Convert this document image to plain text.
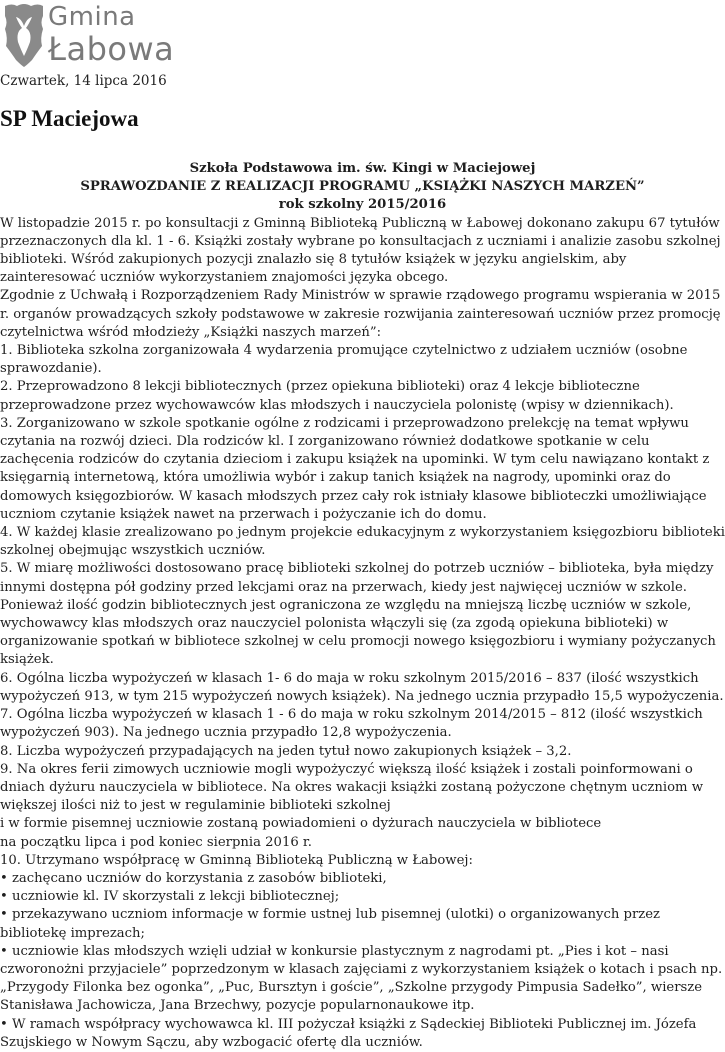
Gmina
Łabowa
Czwartek, 14 lipca 2016
SP Maciejowa
Szkoła Podstawowa im. św. Kingi w Maciejowej
SPRAWOZDANIE Z REALIZACJI PROGRAMU „KSIĄŻKI NASZYCH MARZEŃ”
rok szkolny 2015/2016

W listopadzie 2015 r. po konsultacji z Gminną Biblioteką Publiczną w Łabowej dokonano zakupu 67 tytułów przeznaczonych dla kl. 1 - 6. Książki zostały wybrane po konsultacjach z uczniami i analizie zasobu szkolnej biblioteki. Wśród zakupionych pozycji znalazło się 8 tytułów książek w języku angielskim, aby zainteresować uczniów wykorzystaniem znajomości języka obcego.

Zgodnie z Uchwałą i Rozporządzeniem Rady Ministrów w sprawie rządowego programu wspierania w 2015 r. organów prowadzących szkoły podstawowe w zakresie rozwijania zainteresowań uczniów przez promocję czytelnictwa wśród młodzieży „Książki naszych marzeń”:

1. Biblioteka szkolna zorganizowała 4 wydarzenia promujące czytelnictwo z udziałem uczniów (osobne sprawozdanie).

2. Przeprowadzono 8 lekcji bibliotecznych (przez opiekuna biblioteki) oraz 4 lekcje biblioteczne przeprowadzone przez wychowawców klas młodszych i nauczyciela polonistę (wpisy w dziennikach).

3. Zorganizowano w szkole spotkanie ogólne z rodzicami i przeprowadzono prelekcję na temat wpływu czytania na rozwój dzieci. Dla rodziców kl. I zorganizowano również dodatkowe spotkanie w celu zachęcenia rodziców do czytania dzieciom i zakupu książek na upominki. W tym celu nawiązano kontakt z księgarnią internetową, która umożliwia wybór i zakup tanich książek na nagrody, upominki oraz do domowych księgozbiorów. W kasach młodszych przez cały rok istniały klasowe biblioteczki umożliwiające uczniom czytanie książek nawet na przerwach i pożyczanie ich do domu.

4. W każdej klasie zrealizowano po jednym projekcie edukacyjnym z wykorzystaniem księgozbioru biblioteki szkolnej obejmując wszystkich uczniów.

5. W miarę możliwości dostosowano pracę biblioteki szkolnej do potrzeb uczniów – biblioteka, była między innymi dostępna pół godziny przed lekcjami oraz na przerwach, kiedy jest najwięcej uczniów w szkole. Ponieważ ilość godzin bibliotecznych jest ograniczona ze względu na mniejszą liczbę uczniów w szkole, wychowawcy klas młodszych oraz nauczyciel polonista włączyli się (za zgodą opiekuna biblioteki) w organizowanie spotkań w bibliotece szkolnej w celu promocji nowego księgozbioru i wymiany pożyczanych książek.

6. Ogólna liczba wypożyczeń w klasach 1- 6 do maja w roku szkolnym 2015/2016 – 837 (ilość wszystkich wypożyczeń 913, w tym 215 wypożyczeń nowych książek). Na jednego ucznia przypadło 15,5 wypożyczenia.

7. Ogólna liczba wypożyczeń w klasach 1 - 6 do maja w roku szkolnym 2014/2015 – 812 (ilość wszystkich wypożyczeń 903). Na jednego ucznia przypadło 12,8 wypożyczenia.

8. Liczba wypożyczeń przypadających na jeden tytuł nowo zakupionych książek – 3,2.

9. Na okres ferii zimowych uczniowie mogli wypożyczyć większą ilość książek i zostali poinformowani o dniach dyżuru nauczyciela w bibliotece. Na okres wakacji książki zostaną pożyczone chętnym uczniom w większej ilości niż to jest w regulaminie biblioteki szkolnej

i w formie pisemnej uczniowie zostaną powiadomieni o dyżurach nauczyciela w bibliotece

na początku lipca i pod koniec sierpnia 2016 r.

10. Utrzymano współpracę w Gminną Biblioteką Publiczną w Łabowej:

• zachęcano uczniów do korzystania z zasobów biblioteki,

• uczniowie kl. IV skorzystali z lekcji bibliotecznej;

• przekazywano uczniom informacje w formie ustnej lub pisemnej (ulotki) o organizowanych przez bibliotekę imprezach;

• uczniowie klas młodszych wzięli udział w konkursie plastycznym z nagrodami pt. „Pies i kot – nasi czworonożni przyjaciele” poprzedzonym w klasach zajęciami z wykorzystaniem książek o kotach i psach np. „Przygody Filonka bez ogonka”, „Puc, Bursztyn i goście”, „Szkolne przygody Pimpusia Sadełko”, wiersze Stanisława Jachowicza, Jana Brzechwy, pozycje popularnonaukowe itp.

• W ramach współpracy wychowawca kl. III pożyczał książki z Sądeckiej Biblioteki Publicznej im. Józefa Szujskiego w Nowym Sączu, aby wzbogacić ofertę dla uczniów.
